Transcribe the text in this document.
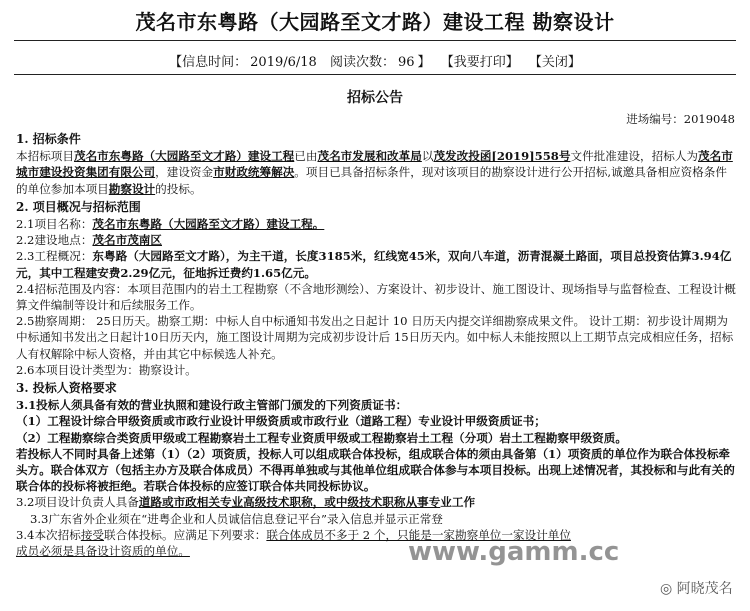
茂名市东粤路（大园路至文才路）建设工程 勘察设计
【信息时间： 2019/6/18 阅读次数： 96 】 【我要打印】 【关闭】
招标公告
进场编号：2019048

1. 招标条件

本招标项目茂名市东粤路（大园路至文才路）建设工程已由茂名市发展和改革局以茂发改投函[2019]558号文件批准建设，招标人为茂名市城市建设投资集团有限公司，建设资金市财政统筹解决。项目已具备招标条件，现对该项目的勘察设计进行公开招标,诚邀具备相应资格条件的单位参加本项目勘察设计的投标。

2. 项目概况与招标范围

2.1项目名称：茂名市东粤路（大园路至文才路）建设工程。

2.2建设地点：茂名市茂南区

2.3工程概况：东粤路（大园路至文才路），为主干道，长度3185米，红线宽45米，双向八车道，沥青混凝土路面，项目总投资估算3.94亿元，其中工程建安费2.29亿元，征地拆迁费约1.65亿元。

2.4招标范围及内容：本项目范围内的岩土工程勘察（不含地形测绘）、方案设计、初步设计、施工图设计、现场指导与监督检查、工程设计概算文件编制等设计和后续服务工作。

2.5勘察周期： 25日历天。勘察工期：中标人自中标通知书发出之日起计 10 日历天内提交详细勘察成果文件。 设计工期：初步设计周期为中标通知书发出之日起计10日历天内，施工图设计周期为完成初步设计后 15日历天内。如中标人未能按照以上工期节点完成相应任务，招标人有权解除中标人资格，并由其它中标候选人补充。

2.6本项目设计类型为：勘察设计。

3. 投标人资格要求

3.1投标人须具备有效的营业执照和建设行政主管部门颁发的下列资质证书：

（1）工程设计综合甲级资质或市政行业设计甲级资质或市政行业（道路工程）专业设计甲级资质证书；

（2）工程勘察综合类资质甲级或工程勘察岩土工程专业资质甲级或工程勘察岩土工程（分项）岩土工程勘察甲级资质。

若投标人不同时具备上述第（1）（2）项资质，投标人可以组成联合体投标，组成联合体的须由具备第（1）项资质的单位作为联合体投标牵头方。联合体双方（包括主办方及联合体成员）不得再单独或与其他单位组成联合体参与本项目投标。出现上述情况者，其投标和与此有关的联合体的投标将被拒绝。若联合体投标的应签订联合体共同投标协议。

3.2项目设计负责人具备道路或市政相关专业高级技术职称，或中级技术职称从事专业工作

3.3广东省外企业须在“进粤企业和人员诚信信息登记平台”录入信息并显示正常登

3.4本次招标接受联合体投标。应满足下列要求：联合体成员不多于 2 个，只能是一家勘察单位一家设计单位

成员必须是具备设计资质的单位。	www.gamm.cc
◎ 阿晓茂名
